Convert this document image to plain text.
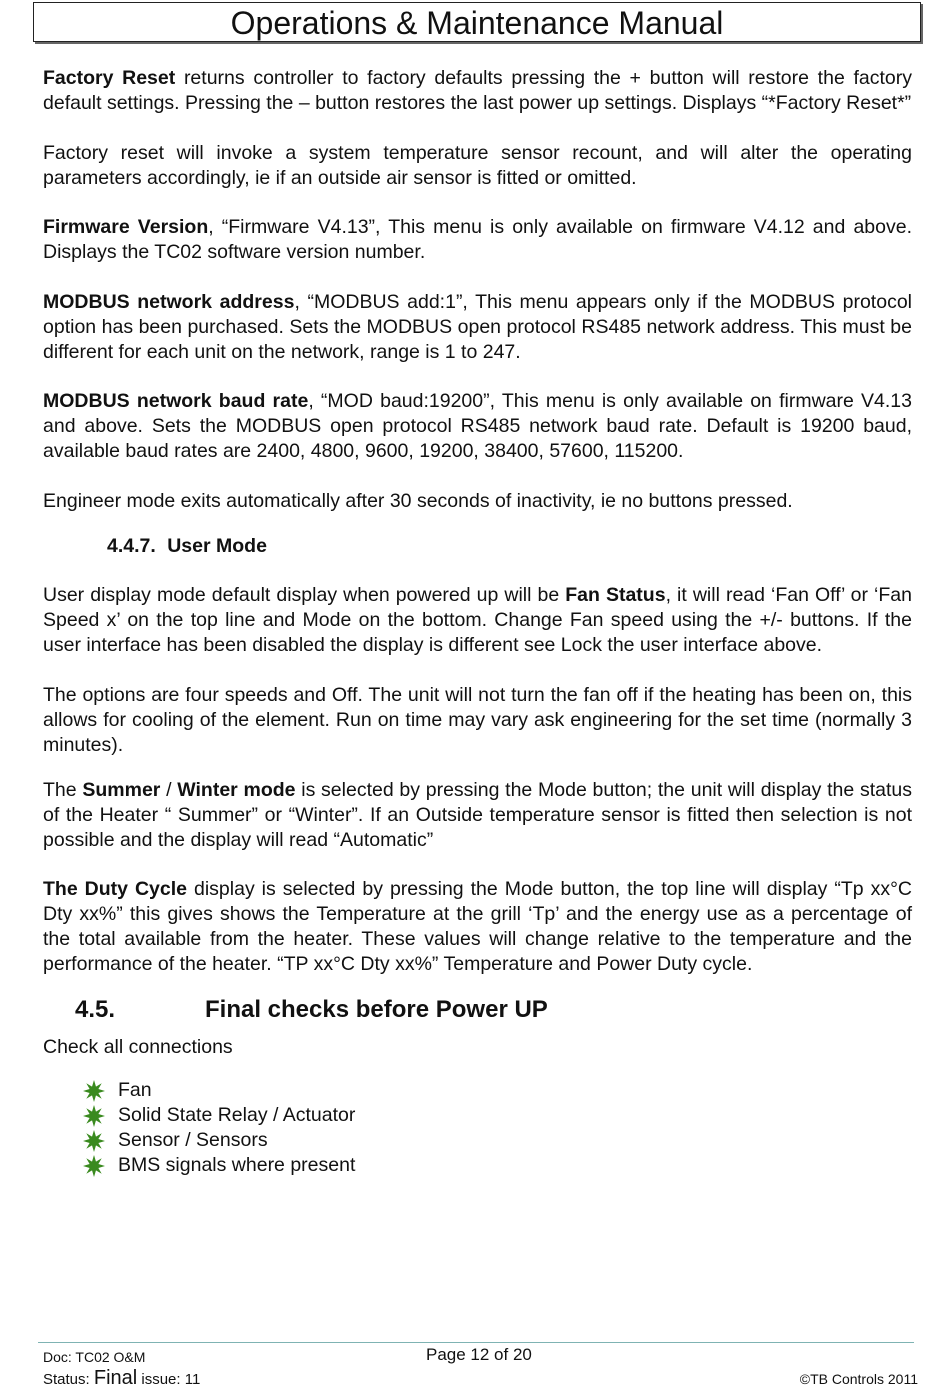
Operations & Maintenance Manual

Factory Reset returns controller to factory defaults pressing the + button will restore the factory default settings. Pressing the – button restores the last power up settings. Displays “*Factory Reset*”

Factory reset will invoke a system temperature sensor recount, and will alter the operating parameters accordingly, ie if an outside air sensor is fitted or omitted.

Firmware Version, “Firmware V4.13”, This menu is only available on firmware V4.12 and above. Displays the TC02 software version number.

MODBUS network address, “MODBUS add:1”, This menu appears only if the MODBUS protocol option has been purchased. Sets the MODBUS open protocol RS485 network address. This must be different for each unit on the network, range is 1 to 247.

MODBUS network baud rate, “MOD baud:19200”, This menu is only available on firmware V4.13 and above. Sets the MODBUS open protocol RS485 network baud rate. Default is 19200 baud, available baud rates are 2400, 4800, 9600, 19200, 38400, 57600, 115200.

Engineer mode exits automatically after 30 seconds of inactivity, ie no buttons pressed.

4.4.7. User Mode

User display mode default display when powered up will be Fan Status, it will read ‘Fan Off’ or ‘Fan Speed x’ on the top line and Mode on the bottom. Change Fan speed using the +/- buttons. If the user interface has been disabled the display is different see Lock the user interface above.

The options are four speeds and Off. The unit will not turn the fan off if the heating has been on, this allows for cooling of the element. Run on time may vary ask engineering for the set time (normally 3 minutes).

The Summer / Winter mode is selected by pressing the Mode button; the unit will display the status of the Heater “ Summer” or “Winter”. If an Outside temperature sensor is fitted then selection is not possible and the display will read “Automatic”

The Duty Cycle display is selected by pressing the Mode button, the top line will display “Tp xx°C Dty xx%” this gives shows the Temperature at the grill ‘Tp’ and the energy use as a percentage of the total available from the heater. These values will change relative to the temperature and the performance of the heater. “TP xx°C Dty xx%” Temperature and Power Duty cycle.

4.5.	Final checks before Power UP
Check all connections
Fan
Solid State Relay / Actuator
Sensor / Sensors
BMS signals where present
Doc: TC02 O&M	Page 12 of 20
Status: Final issue: 11	©TB Controls 2011
